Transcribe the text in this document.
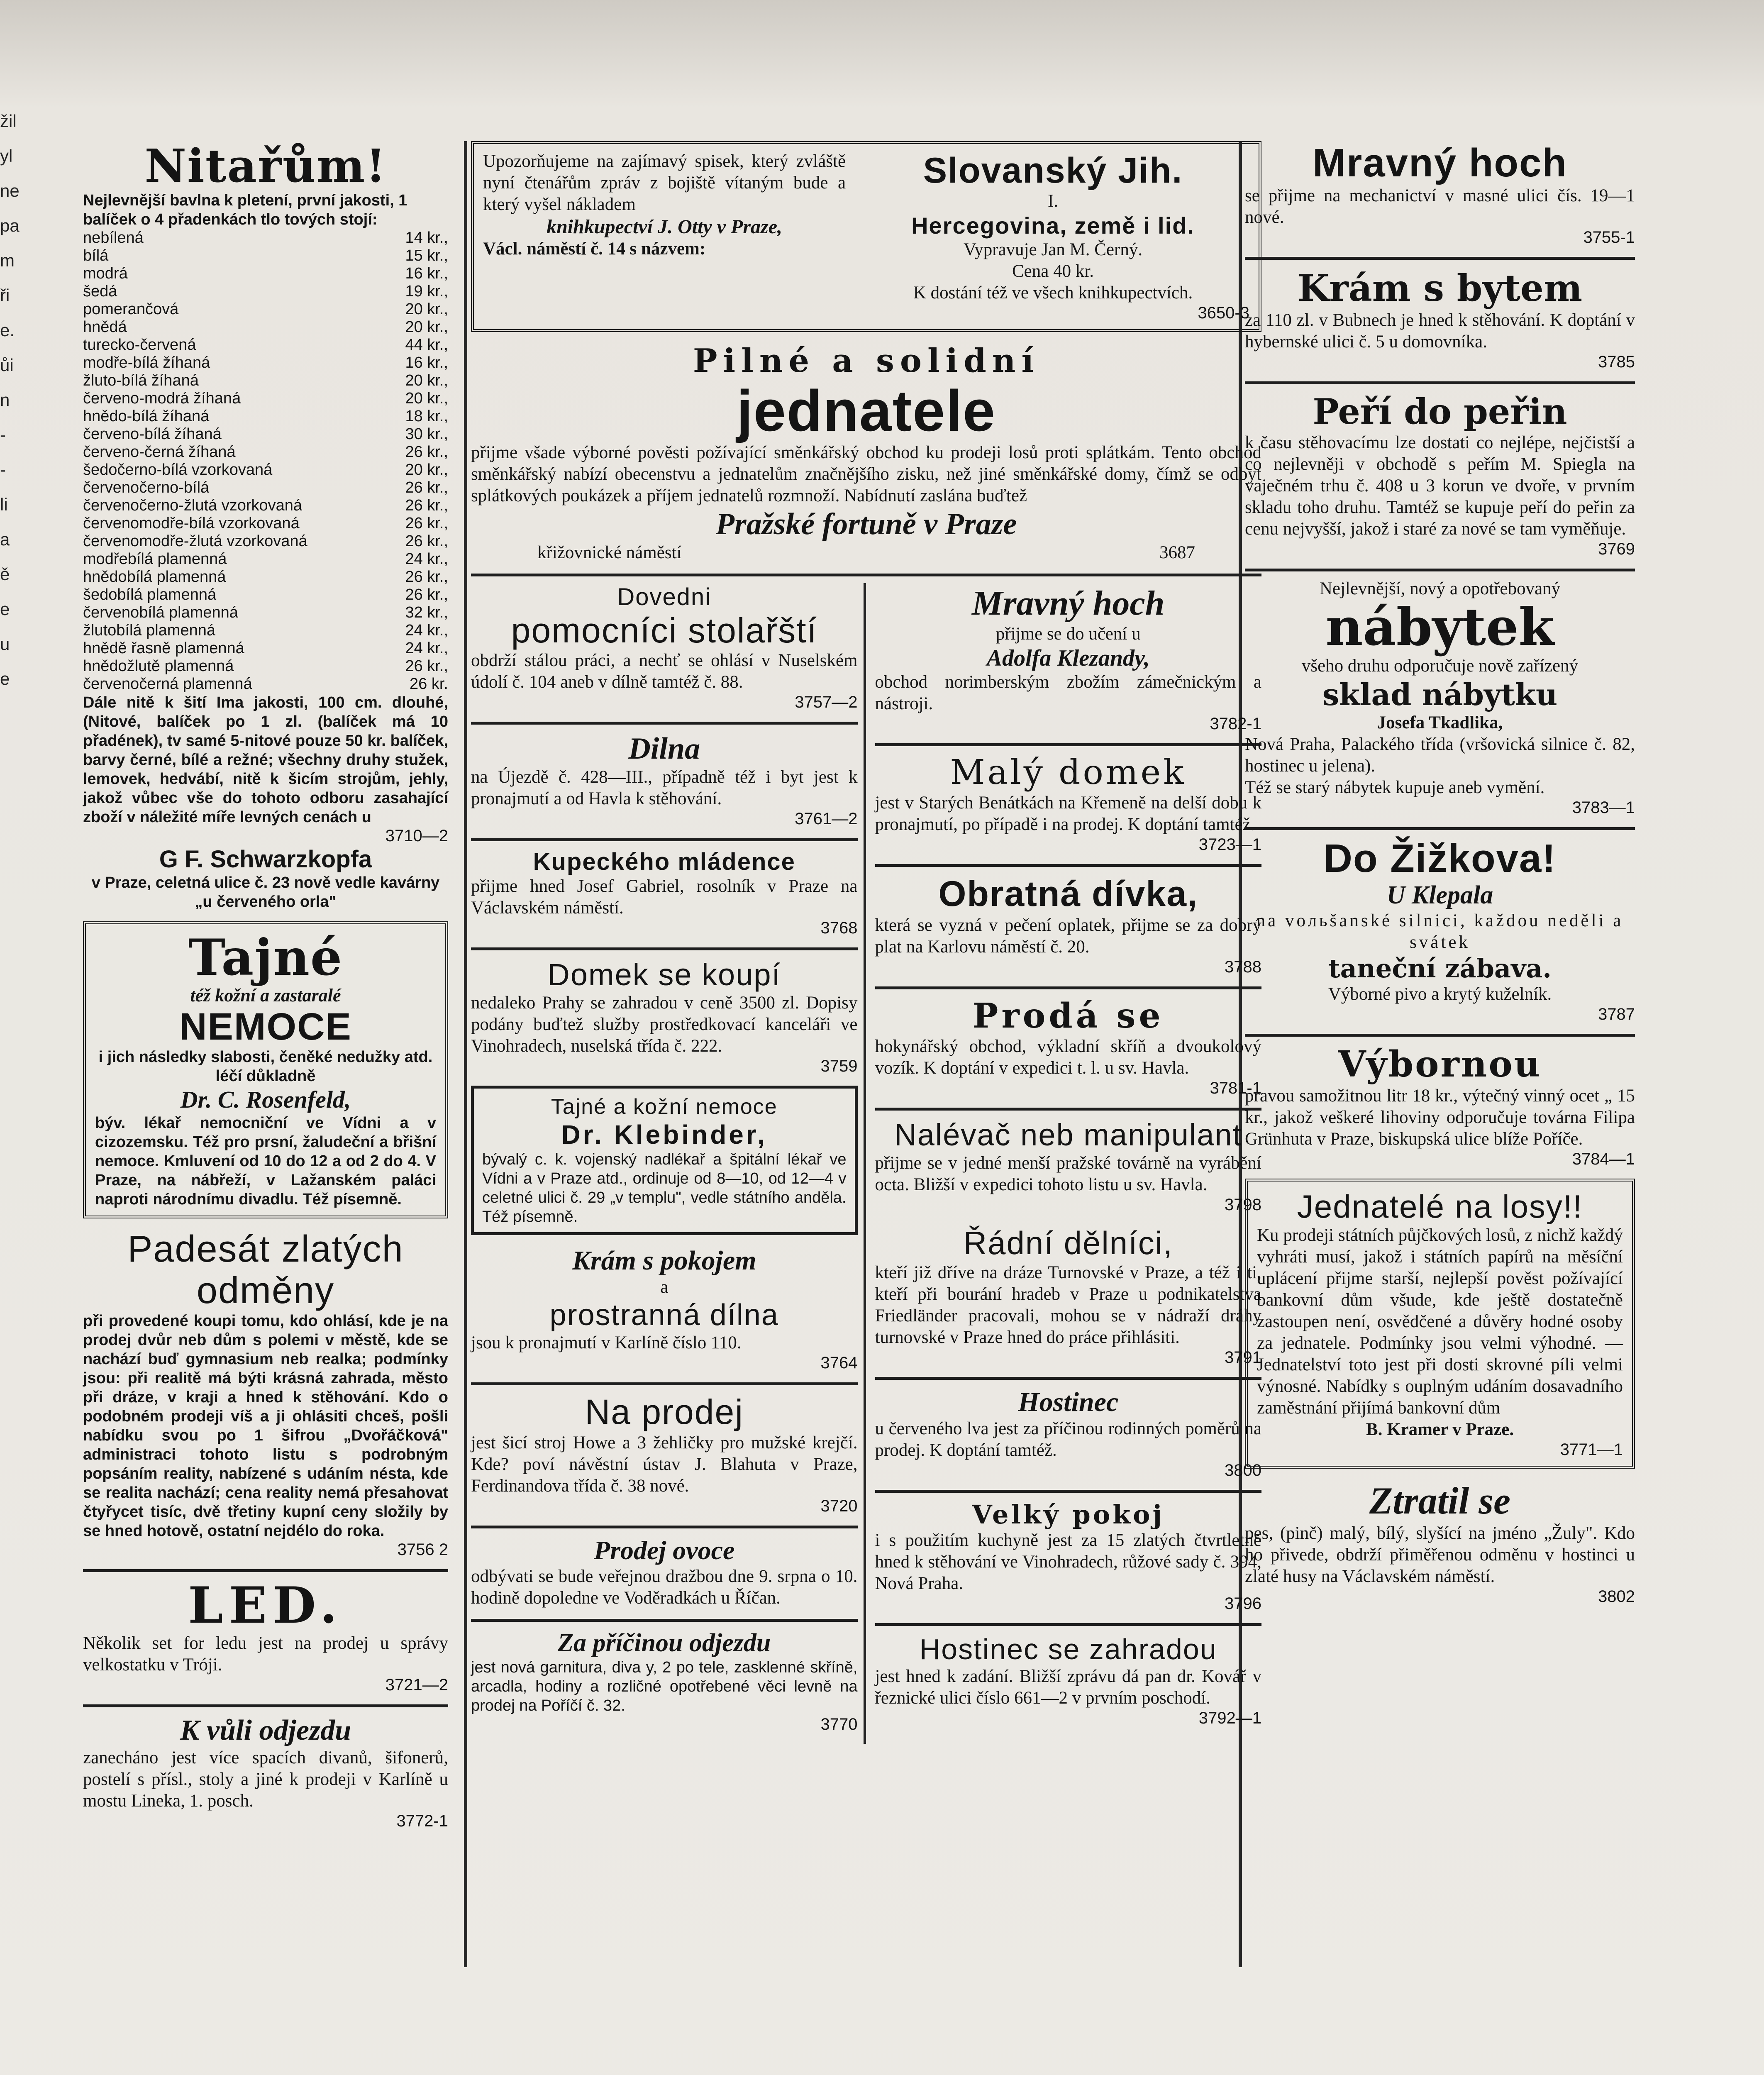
žil
yl
ne
pa
m
ři
e.
ůi
n
-
-
li
a
ě
e
u
e
Nitařům!

Nejlevnější bavlna k pletení, první jakosti, 1 balíček o 4 přadenkách tlo tových stojí:

nebílená	14 kr.,
bílá	15 kr.,
modrá	16 kr.,
šedá	19 kr.,
pomerančová	20 kr.,
hnědá	20 kr.,
turecko-červená	44 kr.,
modře-bílá žíhaná	16 kr.,
žluto-bílá žíhaná	20 kr.,
červeno-modrá žíhaná	20 kr.,
hnědo-bílá žíhaná	18 kr.,
červeno-bílá žíhaná	30 kr.,
červeno-černá žíhaná	26 kr.,
šedočerno-bílá vzorkovaná	20 kr.,
červenočerno-bílá	26 kr.,
červenočerno-žlutá vzorkovaná	26 kr.,
červenomodře-bílá vzorkovaná	26 kr.,
červenomodře-žlutá vzorkovaná	26 kr.,
modřebílá plamenná	24 kr.,
hnědobílá plamenná	26 kr.,
šedobílá plamenná	26 kr.,
červenobílá plamenná	32 kr.,
žlutobílá plamenná	24 kr.,
hnědě řasně plamenná	24 kr.,
hnědožlutě plamenná	26 kr.,
červenočerná plamenná	26 kr.

Dále nitě k šití Ima jakosti, 100 cm. dlouhé, (Nitové, balíček po 1 zl. (balíček má 10 přadének), tv samé 5-nitové pouze 50 kr. balíček, barvy černé, bílé a režné; všechny druhy stužek, lemovek, hedvábí, nitě k šicím strojům, jehly, jakož vůbec vše do tohoto odboru zasahající zboží v náležité míře levných cenách u

3710—2
G F. Schwarzkopfa

v Praze, celetná ulice č. 23 nově vedle kavárny „u červeného orla"

Tajné
též kožní a zastaralé
NEMOCE

i jich následky slabosti, čeněké nedužky atd. léčí důkladně

Dr. C. Rosenfeld,

býv. lékař nemocniční ve Vídni a v cizozemsku. Též pro prsní, žaludeční a břišní nemoce. Kmluvení od 10 do 12 a od 2 do 4. V Praze, na nábřeží, v Lažanském paláci naproti národnímu divadlu. Též písemně.

Padesát zlatých
odměny

při provedené koupi tomu, kdo ohlásí, kde je na prodej dvůr neb dům s polemi v městě, kde se nachází buď gymnasium neb realka; podmínky jsou: při realitě má býti krásná zahrada, město při dráze, v kraji a hned k stěhování. Kdo o podobném prodeji víš a ji ohlásiti chceš, pošli nabídku svou po 1 šifrou „Dvořáčková" administraci tohoto listu s podrobným popsáním reality, nabízené s udáním nésta, kde se realita nachází; cena reality nemá přesahovat čtyřycet tisíc, dvě třetiny kupní ceny složily by se hned hotově, ostatní nejdélo do roka.

3756 2
LED.

Několik set for ledu jest na prodej u správy velkostatku v Tróji.

3721—2
K vůli odjezdu

zanecháno jest více spacích divanů, šifonerů, postelí s přísl., stoly a jiné k prodeji v Karlíně u mostu Lineka, 1. posch.

3772-1

Upozorňujeme na zajímavý spisek, který zvláště nyní čtenářům zpráv z bojiště vítaným bude a který vyšel nákladem

knihkupectví J. Otty v Praze,

Václ. náměstí č. 14 s názvem:

Slovanský Jih.
I.
Hercegovina, země i lid.
Vypravuje Jan M. Černý.
Cena 40 kr.
K dostání též ve všech knihkupectvích.
3650-3
Pilné a solidní
jednatele

přijme všade výborné pověsti požívající směnkářský obchod ku prodeji losů proti splátkám. Tento obchod směnkářský nabízí obecenstvu a jednatelům značnějšího zisku, než jiné směnkářské domy, čímž se odbyt splátkových poukázek a příjem jednatelů rozmnoží. Nabídnutí zaslána buďtež

Pražské fortuně v Praze
křižovnické náměstí	3687
Dovedni
pomocníci stolařští

obdrží stálou práci, a nechť se ohlásí v Nuselském údolí č. 104 aneb v dílně tamtéž č. 88.

3757—2
Dilna

na Újezdě č. 428—III., případně též i byt jest k pronajmutí a od Havla k stěhování.

3761—2
Kupeckého mládence

přijme hned Josef Gabriel, rosolník v Praze na Václavském náměstí.

3768
Domek se koupí

nedaleko Prahy se zahradou v ceně 3500 zl. Dopisy podány buďtež služby prostředkovací kanceláři ve Vinohradech, nuselská třída č. 222.

3759
Tajné a kožní nemoce
Dr. Klebinder,

bývalý c. k. vojenský nadlékař a špitální lékař ve Vídni a v Praze atd., ordinuje od 8—10, od 12—4 v celetné ulici č. 29 „v templu", vedle státního anděla. Též písemně.

Krám s pokojem
a
prostranná dílna

jsou k pronajmutí v Karlíně číslo 110.

3764
Na prodej

jest šicí stroj Howe a 3 žehličky pro mužské krejčí. Kde? poví návěstní ústav J. Blahuta v Praze, Ferdinandova třída č. 38 nové.

3720
Prodej ovoce

odbývati se bude veřejnou dražbou dne 9. srpna o 10. hodině dopoledne ve Voděradkách u Říčan.

Za příčinou odjezdu

jest nová garnitura, diva y, 2 po tele, zasklenné skříně, arcadla, hodiny a rozličné opotřebené věci levně na prodej na Poříčí č. 32.

3770
Mravný hoch
přijme se do učení u
Adolfa Klezandy,

obchod norimberským zbožím zámečnickým a nástroji.

3782-1
Malý domek

jest v Starých Benátkách na Křemeně na delší dobu k pronajmutí, po případě i na prodej. K doptání tamtéž.

3723—1
Obratná dívka,

která se vyzná v pečení oplatek, přijme se za dobrý plat na Karlovu náměstí č. 20.

3788
Prodá se

hokynářský obchod, výkladní skříň a dvoukolový vozík. K doptání v expedici t. l. u sv. Havla.

3781-1
Nalévač neb manipulant

přijme se v jedné menší pražské továrně na vyrábění octa. Bližší v expedici tohoto listu u sv. Havla.

3798
Řádní dělníci,

kteří již dříve na dráze Turnovské v Praze, a též i ti, kteří při bourání hradeb v Praze u podnikatelstva Friedländer pracovali, mohou se v nádraží dráhy turnovské v Praze hned do práce přihlásiti.

3791
Hostinec

u červeného lva jest za příčinou rodinných poměrů na prodej. K doptání tamtéž.

3800
Velký pokoj

i s použitím kuchyně jest za 15 zlatých čtvrtletně hned k stěhování ve Vinohradech, růžové sady č. 394, Nová Praha.

3796
Hostinec se zahradou

jest hned k zadání. Bližší zprávu dá pan dr. Kovář v řeznické ulici číslo 661—2 v prvním poschodí.

3792—1
Mravný hoch

se přijme na mechanictví v masné ulici čís. 19—1 nové.

3755-1
Krám s bytem

za 110 zl. v Bubnech je hned k stěhování. K doptání v hybernské ulici č. 5 u domovníka.

3785
Peří do peřin

k času stěhovacímu lze dostati co nejlépe, nejčistší a co nejlevněji v obchodě s peřím M. Spiegla na vaječném trhu č. 408 u 3 korun ve dvoře, v prvním skladu toho druhu. Tamtéž se kupuje peří do peřin za cenu nejvyšší, jakož i staré za nové se tam vyměňuje.

3769
Nejlevnější, nový a opotřebovaný
nábytek
všeho druhu odporučuje nově zařízený
sklad nábytku
Josefa Tkadlika,

Nová Praha, Palackého třída (vršovická silnice č. 82, hostinec u jelena).

Též se starý nábytek kupuje aneb vymění.

3783—1
Do Žižkova!
U Klepala
na vольšanské silnici, každou neděli a svátek
taneční zábava.
Výborné pivo a krytý kuželník.
3787
Výbornou

pravou samožitnou litr 18 kr., výtečný vinný ocet „ 15 kr., jakož veškeré lihoviny odporučuje továrna Filipa Grünhuta v Praze, biskupská ulice blíže Poříče.

3784—1
Jednatelé na losy!!

Ku prodeji státních půjčkových losů, z nichž každý vyhráti musí, jakož i státních papírů na měsíční uplácení přijme starší, nejlepší pověst požívající bankovní dům všude, kde ještě dostatečně zastoupen není, osvědčené a důvěry hodné osoby za jednatele. Podmínky jsou velmi výhodné. — Jednatelství toto jest při dosti skrovné píli velmi výnosné. Nabídky s ouplným udáním dosavadního zaměstnání přijímá bankovní dům

B. Kramer v Praze.
3771—1
Ztratil se

pes, (pinč) malý, bílý, slyšící na jméno „Žuly". Kdo ho přivede, obdrží přiměřenou odměnu v hostinci u zlaté husy na Václavském náměstí.

3802
